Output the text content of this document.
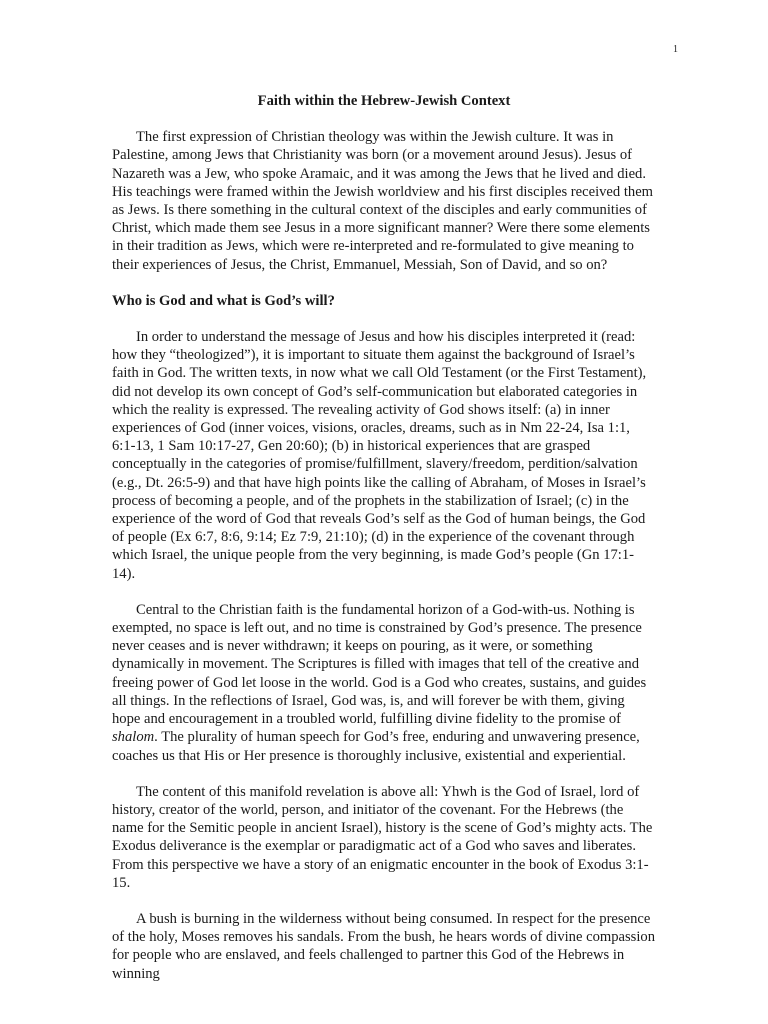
1
Faith within the Hebrew-Jewish Context

The first expression of Christian theology was within the Jewish culture. It was in Palestine, among Jews that Christianity was born (or a movement around Jesus). Jesus of Nazareth was a Jew, who spoke Aramaic, and it was among the Jews that he lived and died. His teachings were framed within the Jewish worldview and his first disciples received them as Jews. Is there something in the cultural context of the disciples and early communities of Christ, which made them see Jesus in a more significant manner? Were there some elements in their tradition as Jews, which were re-interpreted and re-formulated to give meaning to their experiences of Jesus, the Christ, Emmanuel, Messiah, Son of David, and so on?

Who is God and what is God’s will?

In order to understand the message of Jesus and how his disciples interpreted it (read: how they “theologized”), it is important to situate them against the background of Israel’s faith in God. The written texts, in now what we call Old Testament (or the First Testament), did not develop its own concept of God’s self-communication but elaborated categories in which the reality is expressed. The revealing activity of God shows itself: (a) in inner experiences of God (inner voices, visions, oracles, dreams, such as in Nm 22-24, Isa 1:1, 6:1-13, 1 Sam 10:17-27, Gen 20:60); (b) in historical experiences that are grasped conceptually in the categories of promise/fulfillment, slavery/freedom, perdition/salvation (e.g., Dt. 26:5-9) and that have high points like the calling of Abraham, of Moses in Israel’s process of becoming a people, and of the prophets in the stabilization of Israel; (c) in the experience of the word of God that reveals God’s self as the God of human beings, the God of people (Ex 6:7, 8:6, 9:14; Ez 7:9, 21:10); (d) in the experience of the covenant through which Israel, the unique people from the very beginning, is made God’s people (Gn 17:1-14).

Central to the Christian faith is the fundamental horizon of a God-with-us. Nothing is exempted, no space is left out, and no time is constrained by God’s presence. The presence never ceases and is never withdrawn; it keeps on pouring, as it were, or something dynamically in movement. The Scriptures is filled with images that tell of the creative and freeing power of God let loose in the world. God is a God who creates, sustains, and guides all things. In the reflections of Israel, God was, is, and will forever be with them, giving hope and encouragement in a troubled world, fulfilling divine fidelity to the promise of shalom. The plurality of human speech for God’s free, enduring and unwavering presence, coaches us that His or Her presence is thoroughly inclusive, existential and experiential.

The content of this manifold revelation is above all: Yhwh is the God of Israel, lord of history, creator of the world, person, and initiator of the covenant. For the Hebrews (the name for the Semitic people in ancient Israel), history is the scene of God’s mighty acts. The Exodus deliverance is the exemplar or paradigmatic act of a God who saves and liberates. From this perspective we have a story of an enigmatic encounter in the book of Exodus 3:1-15.

A bush is burning in the wilderness without being consumed. In respect for the presence of the holy, Moses removes his sandals. From the bush, he hears words of divine compassion for people who are enslaved, and feels challenged to partner this God of the Hebrews in winning
